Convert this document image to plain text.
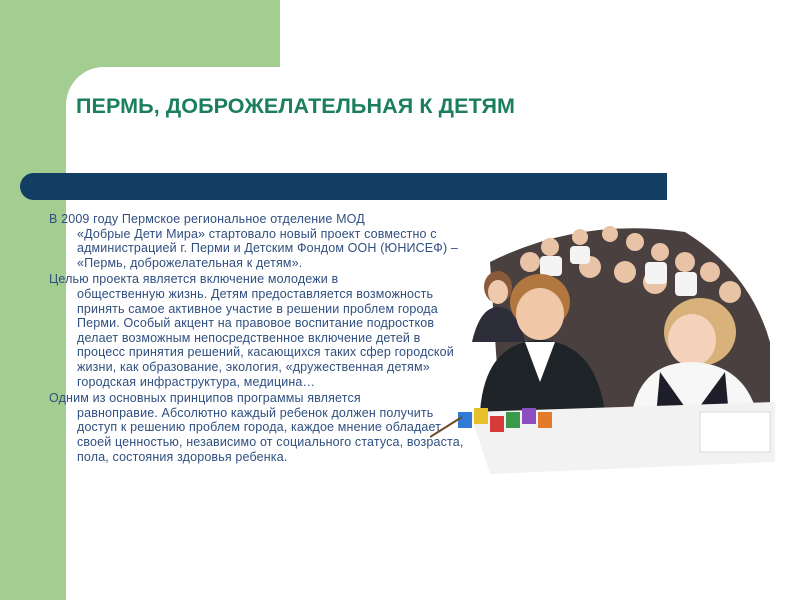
ПЕРМЬ, ДОБРОЖЕЛАТЕЛЬНАЯ К ДЕТЯМ

В 2009 году Пермское региональное отделение МОД
«Добрые Дети Мира» стартовало новый проект совместно с администрацией г. Перми и Детским Фондом ООН (ЮНИСЕФ) – «Пермь, доброжелательная к детям».

Целью проекта является включение молодежи в
общественную жизнь. Детям предоставляется возможность принять самое активное участие в решении проблем города Перми. Особый акцент на правовое воспитание подростков делает возможным непосредственное включение детей в процесс принятия решений, касающихся таких сфер городской жизни, как образование, экология, «дружественная детям» городская инфраструктура, медицина…

Одним из основных принципов программы является
равноправие. Абсолютно каждый ребенок должен получить доступ к решению проблем города, каждое мнение обладает своей ценностью, независимо от социального статуса, возраста, пола, состояния здоровья ребенка.
